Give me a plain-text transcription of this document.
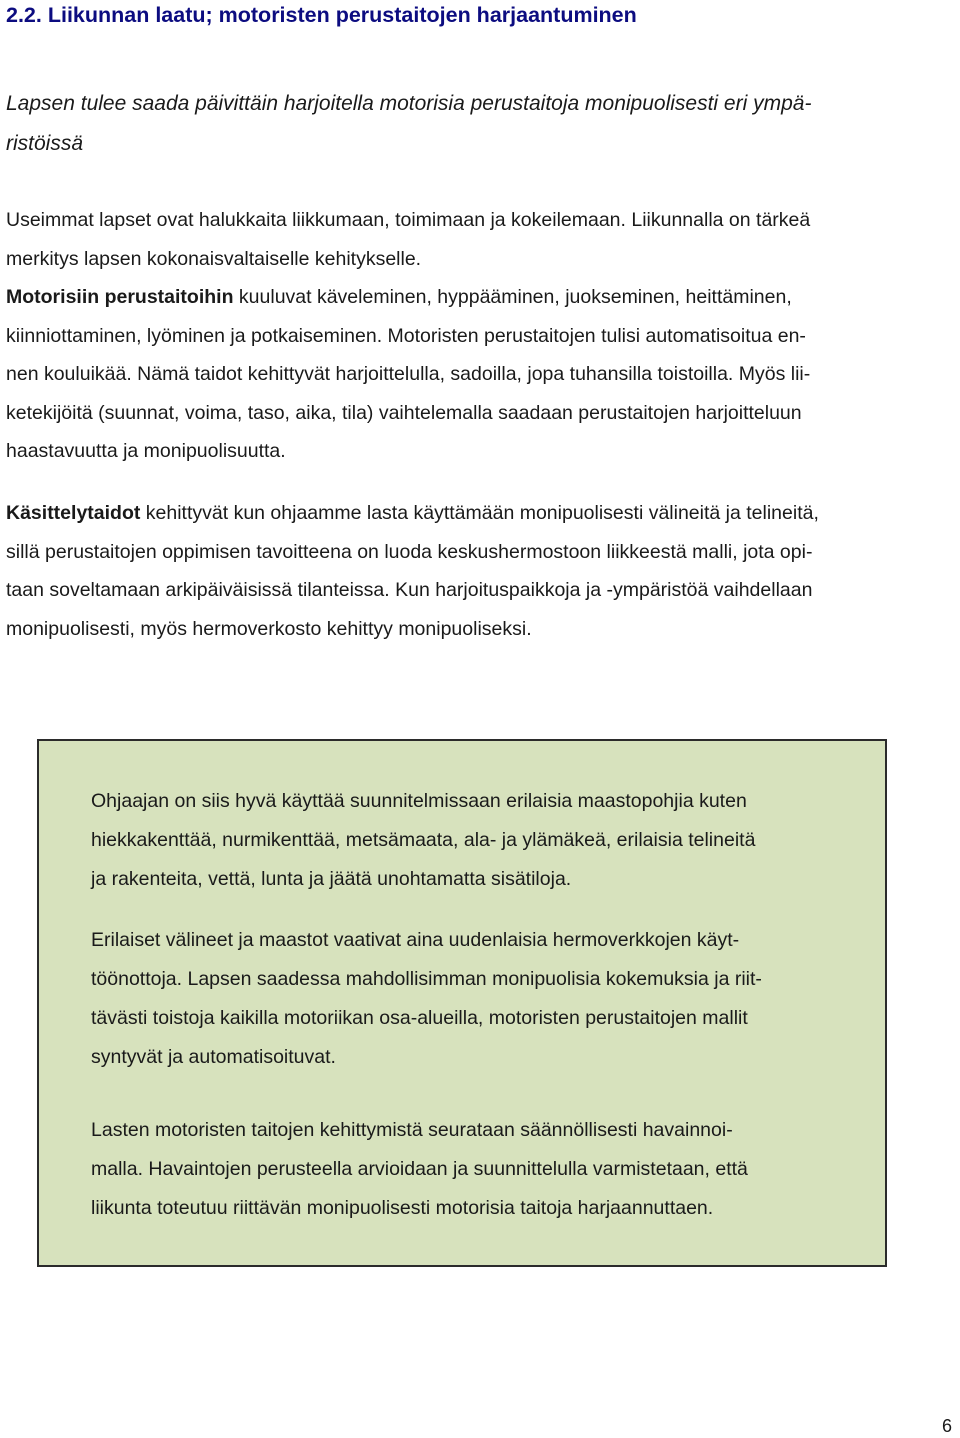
2.2. Liikunnan laatu; motoristen perustaitojen harjaantuminen
Lapsen tulee saada päivittäin harjoitella motorisia perustaitoja monipuolisesti eri ympä-
ristöissä

Useimmat lapset ovat halukkaita liikkumaan, toimimaan ja kokeilemaan. Liikunnalla on tärkeä
merkitys lapsen kokonaisvaltaiselle kehitykselle.
Motorisiin perustaitoihin kuuluvat käveleminen, hyppääminen, juokseminen, heittäminen,
kiinniottaminen, lyöminen ja potkaiseminen. Motoristen perustaitojen tulisi automatisoitua en-
nen kouluikää. Nämä taidot kehittyvät harjoittelulla, sadoilla, jopa tuhansilla toistoilla. Myös lii-
ketekijöitä (suunnat, voima, taso, aika, tila) vaihtelemalla saadaan perustaitojen harjoitteluun
haastavuutta ja monipuolisuutta.

Käsittelytaidot kehittyvät kun ohjaamme lasta käyttämään monipuolisesti välineitä ja telineitä,
sillä perustaitojen oppimisen tavoitteena on luoda keskushermostoon liikkeestä malli, jota opi-
taan soveltamaan arkipäiväisissä tilanteissa. Kun harjoituspaikkoja ja -ympäristöä vaihdellaan
monipuolisesti, myös hermoverkosto kehittyy monipuoliseksi.

Ohjaajan on siis hyvä käyttää suunnitelmissaan erilaisia maastopohjia kuten
hiekkakenttää, nurmikenttää, metsämaata, ala- ja ylämäkeä, erilaisia telineitä
ja rakenteita, vettä, lunta ja jäätä unohtamatta sisätiloja.

Erilaiset välineet ja maastot vaativat aina uudenlaisia hermoverkkojen käyt-
töönottoja. Lapsen saadessa mahdollisimman monipuolisia kokemuksia ja riit-
tävästi toistoja kaikilla motoriikan osa-alueilla, motoristen perustaitojen mallit
syntyvät ja automatisoituvat.

Lasten motoristen taitojen kehittymistä seurataan säännöllisesti havainnoi-
malla. Havaintojen perusteella arvioidaan ja suunnittelulla varmistetaan, että
liikunta toteutuu riittävän monipuolisesti motorisia taitoja harjaannuttaen.

6
